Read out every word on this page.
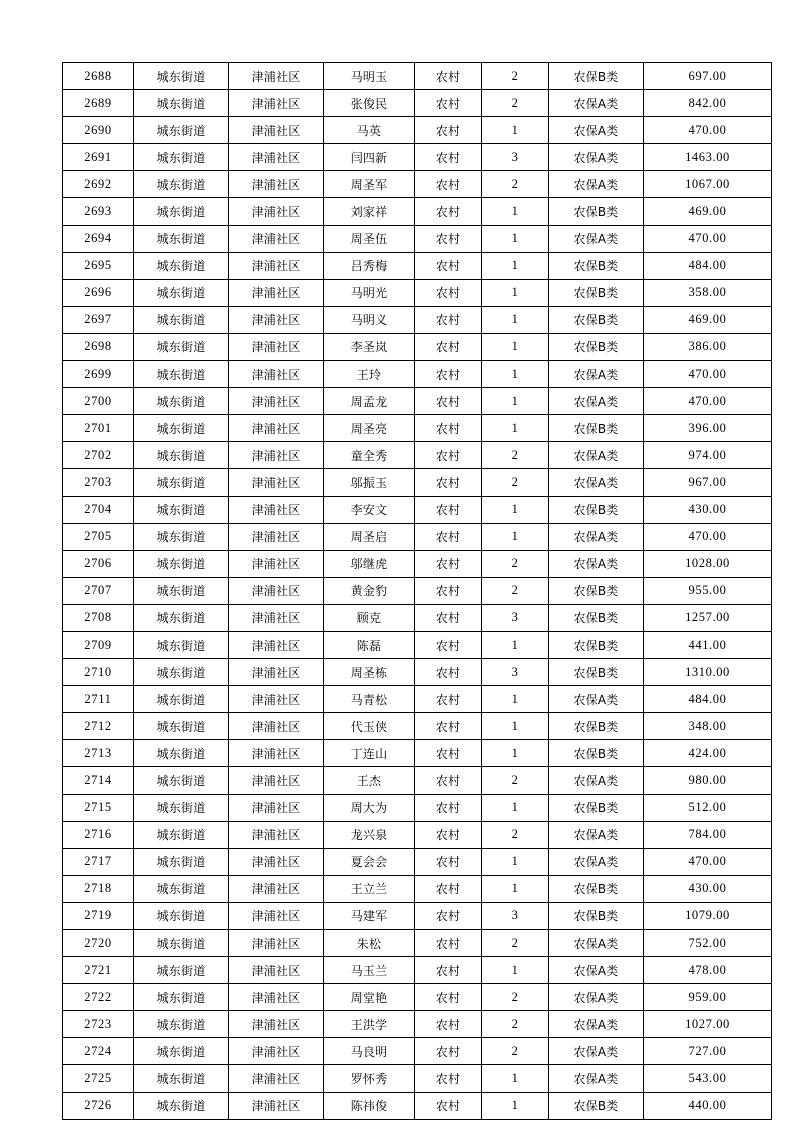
2688	城东街道	津浦社区	马明玉	农村	2	农保B类	697.00
2689	城东街道	津浦社区	张俊民	农村	2	农保A类	842.00
2690	城东街道	津浦社区	马英	农村	1	农保A类	470.00
2691	城东街道	津浦社区	闫四新	农村	3	农保A类	1463.00
2692	城东街道	津浦社区	周圣军	农村	2	农保A类	1067.00
2693	城东街道	津浦社区	刘家祥	农村	1	农保B类	469.00
2694	城东街道	津浦社区	周圣伍	农村	1	农保A类	470.00
2695	城东街道	津浦社区	吕秀梅	农村	1	农保B类	484.00
2696	城东街道	津浦社区	马明光	农村	1	农保B类	358.00
2697	城东街道	津浦社区	马明义	农村	1	农保B类	469.00
2698	城东街道	津浦社区	李圣岚	农村	1	农保B类	386.00
2699	城东街道	津浦社区	王玲	农村	1	农保A类	470.00
2700	城东街道	津浦社区	周孟龙	农村	1	农保A类	470.00
2701	城东街道	津浦社区	周圣亮	农村	1	农保B类	396.00
2702	城东街道	津浦社区	童全秀	农村	2	农保A类	974.00
2703	城东街道	津浦社区	邬振玉	农村	2	农保A类	967.00
2704	城东街道	津浦社区	李安文	农村	1	农保B类	430.00
2705	城东街道	津浦社区	周圣启	农村	1	农保A类	470.00
2706	城东街道	津浦社区	邬继虎	农村	2	农保A类	1028.00
2707	城东街道	津浦社区	黄金豹	农村	2	农保B类	955.00
2708	城东街道	津浦社区	顾克	农村	3	农保B类	1257.00
2709	城东街道	津浦社区	陈磊	农村	1	农保B类	441.00
2710	城东街道	津浦社区	周圣栋	农村	3	农保B类	1310.00
2711	城东街道	津浦社区	马青松	农村	1	农保A类	484.00
2712	城东街道	津浦社区	代玉侠	农村	1	农保B类	348.00
2713	城东街道	津浦社区	丁连山	农村	1	农保B类	424.00
2714	城东街道	津浦社区	王杰	农村	2	农保A类	980.00
2715	城东街道	津浦社区	周大为	农村	1	农保B类	512.00
2716	城东街道	津浦社区	龙兴泉	农村	2	农保A类	784.00
2717	城东街道	津浦社区	夏会会	农村	1	农保A类	470.00
2718	城东街道	津浦社区	王立兰	农村	1	农保B类	430.00
2719	城东街道	津浦社区	马建军	农村	3	农保B类	1079.00
2720	城东街道	津浦社区	朱松	农村	2	农保A类	752.00
2721	城东街道	津浦社区	马玉兰	农村	1	农保A类	478.00
2722	城东街道	津浦社区	周堂艳	农村	2	农保A类	959.00
2723	城东街道	津浦社区	王洪学	农村	2	农保A类	1027.00
2724	城东街道	津浦社区	马良明	农村	2	农保A类	727.00
2725	城东街道	津浦社区	罗怀秀	农村	1	农保A类	543.00
2726	城东街道	津浦社区	陈祎俊	农村	1	农保B类	440.00
